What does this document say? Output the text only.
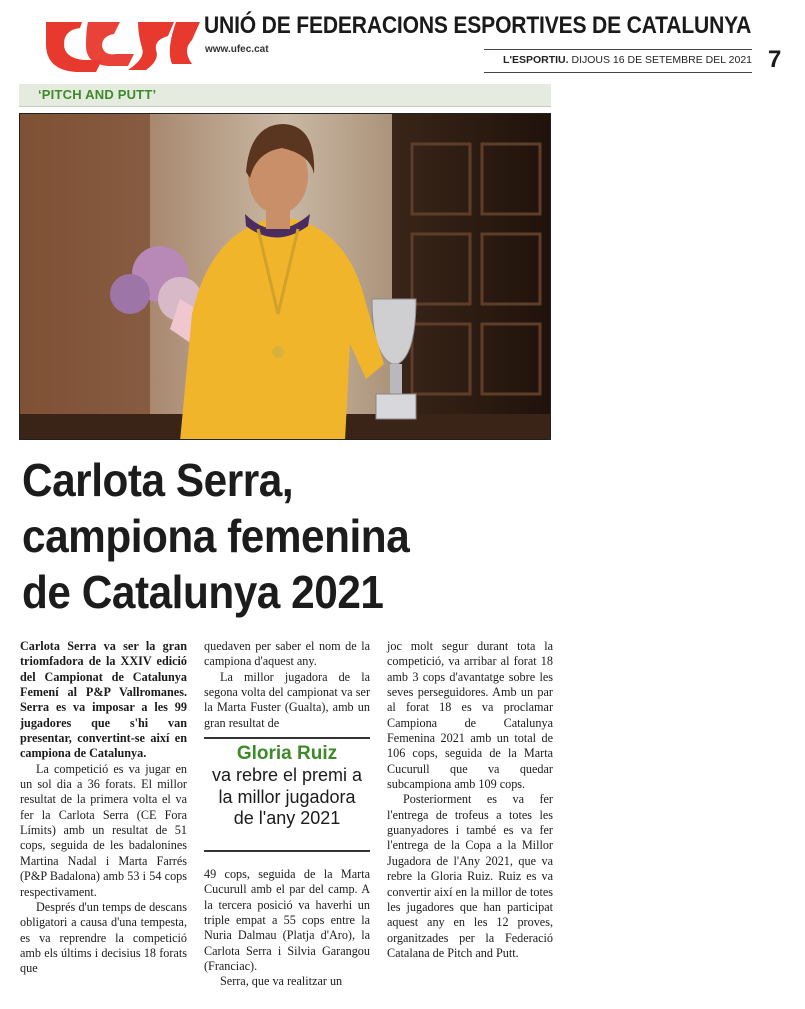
UNIÓ DE FEDERACIONS ESPORTIVES DE CATALUNYA
www.ufec.cat
L'ESPORTIU. DIJOUS 16 DE SETEMBRE DEL 2021 7
‘PITCH AND PUTT’
Carlota Serra,
campiona femenina
de Catalunya 2021

Carlota Serra va ser la gran triomfadora de la XXIV edició del Campionat de Catalunya Femení al P&P Vallromanes. Serra es va imposar a les 99 jugadores que s'hi van presentar, convertint-se així en campiona de Catalunya.

La competició es va jugar en un sol dia a 36 forats. El millor resultat de la primera volta el va fer la Carlota Serra (CE Fora Límits) amb un resultat de 51 cops, seguida de les badalonines Martina Nadal i Marta Farrés (P&P Badalona) amb 53 i 54 cops respectivament.

Després d'un temps de descans obligatori a causa d'una tempesta, es va reprendre la competició amb els últims i decisius 18 forats que

quedaven per saber el nom de la campiona d'aquest any.

La millor jugadora de la segona volta del campionat va ser la Marta Fuster (Gualta), amb un gran resultat de

Gloria Ruiz
va rebre el premi a
la millor jugadora
de l'any 2021

49 cops, seguida de la Marta Cucurull amb el par del camp. A la tercera posició va haverhi un triple empat a 55 cops entre la Nuria Dalmau (Platja d'Aro), la Carlota Serra i Silvia Garangou (Franciac).

Serra, que va realitzar un

joc molt segur durant tota la competició, va arribar al forat 18 amb 3 cops d'avantatge sobre les seves perseguidores. Amb un par al forat 18 es va proclamar Campiona de Catalunya Femenina 2021 amb un total de 106 cops, seguida de la Marta Cucurull que va quedar subcampiona amb 109 cops.

Posteriorment es va fer l'entrega de trofeus a totes les guanyadores i també es va fer l'entrega de la Copa a la Millor Jugadora de l'Any 2021, que va rebre la Gloria Ruiz. Ruiz es va convertir així en la millor de totes les jugadores que han participat aquest any en les 12 proves, organitzades per la Federació Catalana de Pitch and Putt.
